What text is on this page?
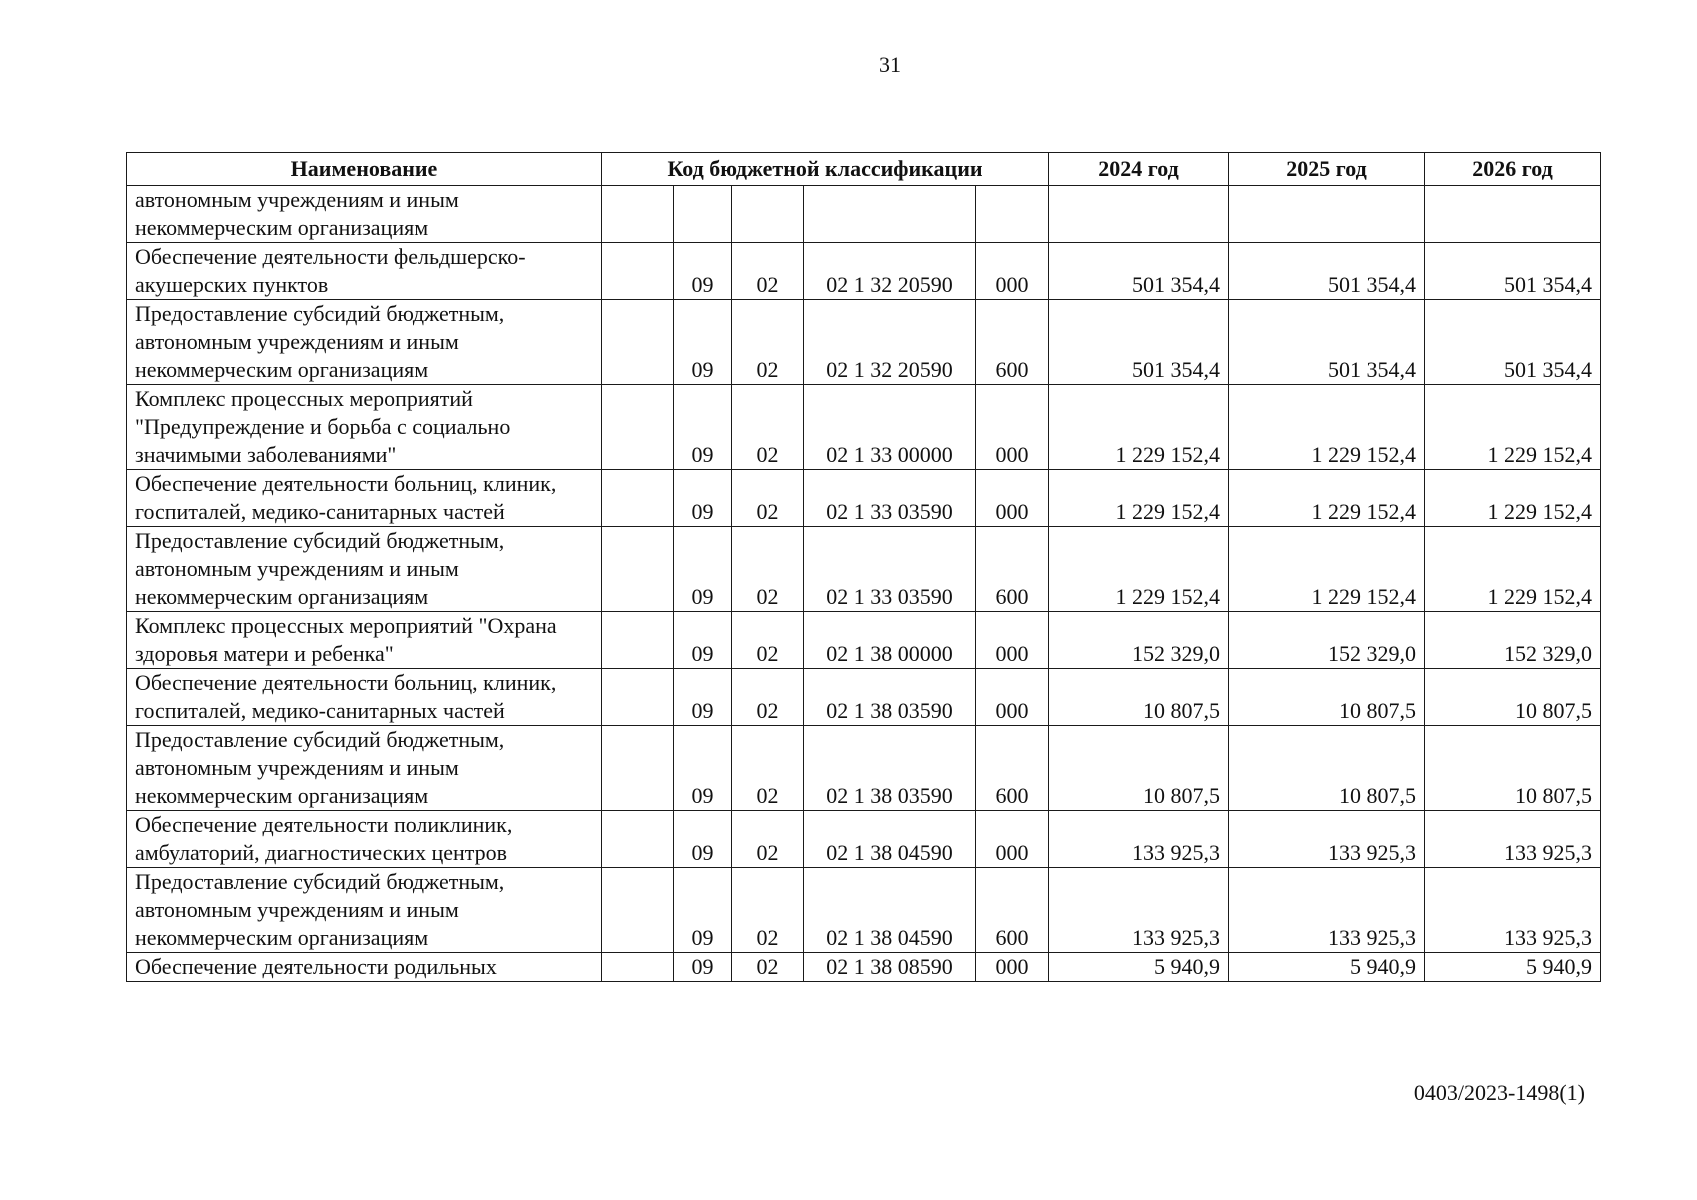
31
Наименование	Код бюджетной классификации					2024 год	2025 год	2026 год
автономным учреждениям и иным некоммерческим организациям								
Обеспечение деятельности фельдшерско-акушерских пунктов		09	02	02 1 32 20590	000	501 354,4	501 354,4	501 354,4
Предоставление субсидий бюджетным, автономным учреждениям и иным некоммерческим организациям		09	02	02 1 32 20590	600	501 354,4	501 354,4	501 354,4
Комплекс процессных мероприятий "Предупреждение и борьба с социально значимыми заболеваниями"		09	02	02 1 33 00000	000	1 229 152,4	1 229 152,4	1 229 152,4
Обеспечение деятельности больниц, клиник, госпиталей, медико-санитарных частей		09	02	02 1 33 03590	000	1 229 152,4	1 229 152,4	1 229 152,4
Предоставление субсидий бюджетным, автономным учреждениям и иным некоммерческим организациям		09	02	02 1 33 03590	600	1 229 152,4	1 229 152,4	1 229 152,4
Комплекс процессных мероприятий "Охрана здоровья матери и ребенка"		09	02	02 1 38 00000	000	152 329,0	152 329,0	152 329,0
Обеспечение деятельности больниц, клиник, госпиталей, медико-санитарных частей		09	02	02 1 38 03590	000	10 807,5	10 807,5	10 807,5
Предоставление субсидий бюджетным, автономным учреждениям и иным некоммерческим организациям		09	02	02 1 38 03590	600	10 807,5	10 807,5	10 807,5
Обеспечение деятельности поликлиник, амбулаторий, диагностических центров		09	02	02 1 38 04590	000	133 925,3	133 925,3	133 925,3
Предоставление субсидий бюджетным, автономным учреждениям и иным некоммерческим организациям		09	02	02 1 38 04590	600	133 925,3	133 925,3	133 925,3
Обеспечение деятельности родильных		09	02	02 1 38 08590	000	5 940,9	5 940,9	5 940,9
0403/2023-1498(1)
